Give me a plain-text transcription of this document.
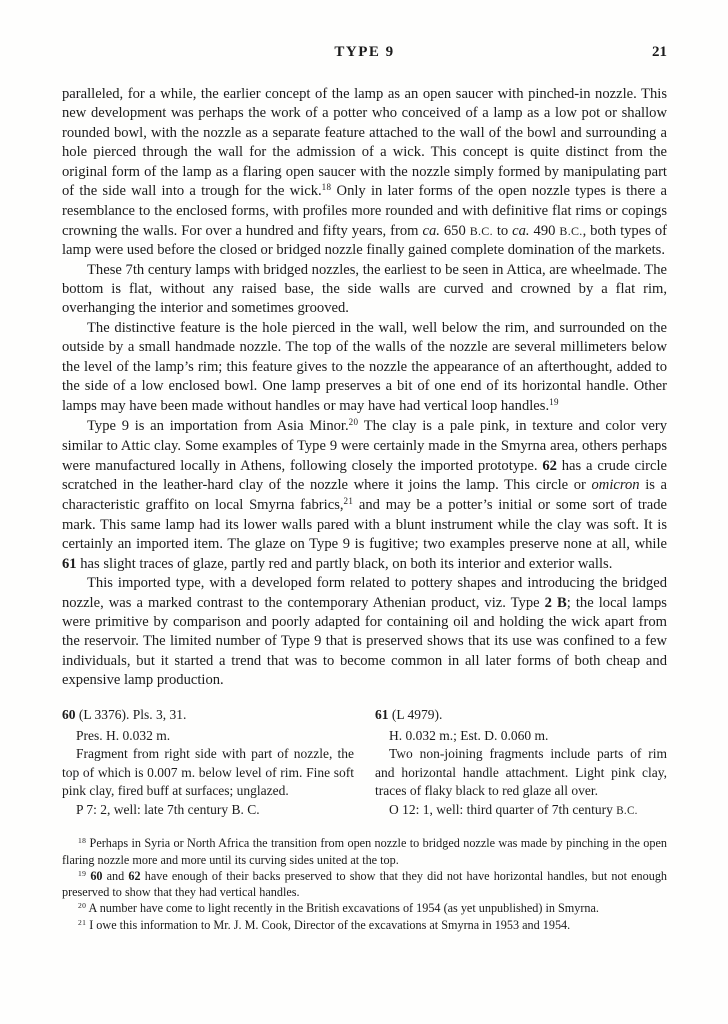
TYPE 9	21

paralleled, for a while, the earlier concept of the lamp as an open saucer with pinched-in nozzle. This new development was perhaps the work of a potter who conceived of a lamp as a low pot or shallow rounded bowl, with the nozzle as a separate feature attached to the wall of the bowl and surrounding a hole pierced through the wall for the admission of a wick. This concept is quite distinct from the original form of the lamp as a flaring open saucer with the nozzle simply formed by manipulating part of the side wall into a trough for the wick.$^{18}$ Only in later forms of the open nozzle types is there a resemblance to the enclosed forms, with profiles more rounded and with definitive flat rims or copings crowning the walls. For over a hundred and fifty years, from ca. 650 B.C. to ca. 490 B.C., both types of lamp were used before the closed or bridged nozzle finally gained complete domination of the markets.

These 7th century lamps with bridged nozzles, the earliest to be seen in Attica, are wheelmade. The bottom is flat, without any raised base, the side walls are curved and crowned by a flat rim, overhanging the interior and sometimes grooved.

The distinctive feature is the hole pierced in the wall, well below the rim, and surrounded on the outside by a small handmade nozzle. The top of the walls of the nozzle are several millimeters below the level of the lamp’s rim; this feature gives to the nozzle the appearance of an afterthought, added to the side of a low enclosed bowl. One lamp preserves a bit of one end of its horizontal handle. Other lamps may have been made without handles or may have had vertical loop handles.$^{19}$

Type 9 is an importation from Asia Minor.$^{20}$ The clay is a pale pink, in texture and color very similar to Attic clay. Some examples of Type 9 were certainly made in the Smyrna area, others perhaps were manufactured locally in Athens, following closely the imported prototype. 62 has a crude circle scratched in the leather-hard clay of the nozzle where it joins the lamp. This circle or omicron is a characteristic graffito on local Smyrna fabrics,$^{21}$ and may be a potter’s initial or some sort of trade mark. This same lamp had its lower walls pared with a blunt instrument while the clay was soft. It is certainly an imported item. The glaze on Type 9 is fugitive; two examples preserve none at all, while 61 has slight traces of glaze, partly red and partly black, on both its interior and exterior walls.

This imported type, with a developed form related to pottery shapes and introducing the bridged nozzle, was a marked contrast to the contemporary Athenian product, viz. Type 2 B; the local lamps were primitive by comparison and poorly adapted for containing oil and holding the wick apart from the reservoir. The limited number of Type 9 that is preserved shows that its use was confined to a few individuals, but it started a trend that was to become common in all later forms of both cheap and expensive lamp production.

60 (L 3376). Pls. 3, 31.

Pres. H. 0.032 m.

Fragment from right side with part of nozzle, the top of which is 0.007 m. below level of rim. Fine soft pink clay, fired buff at surfaces; unglazed.

P 7: 2, well: late 7th century B. C.

61 (L 4979).

H. 0.032 m.; Est. D. 0.060 m.

Two non-joining fragments include parts of rim and horizontal handle attachment. Light pink clay, traces of flaky black to red glaze all over.

O 12: 1, well: third quarter of 7th century B.C.

$^{18}$ Perhaps in Syria or North Africa the transition from open nozzle to bridged nozzle was made by pinching in the open flaring nozzle more and more until its curving sides united at the top.

$^{19}$ 60 and 62 have enough of their backs preserved to show that they did not have horizontal handles, but not enough preserved to show that they had vertical handles.

$^{20}$ A number have come to light recently in the British excavations of 1954 (as yet unpublished) in Smyrna.

$^{21}$ I owe this information to Mr. J. M. Cook, Director of the excavations at Smyrna in 1953 and 1954.
